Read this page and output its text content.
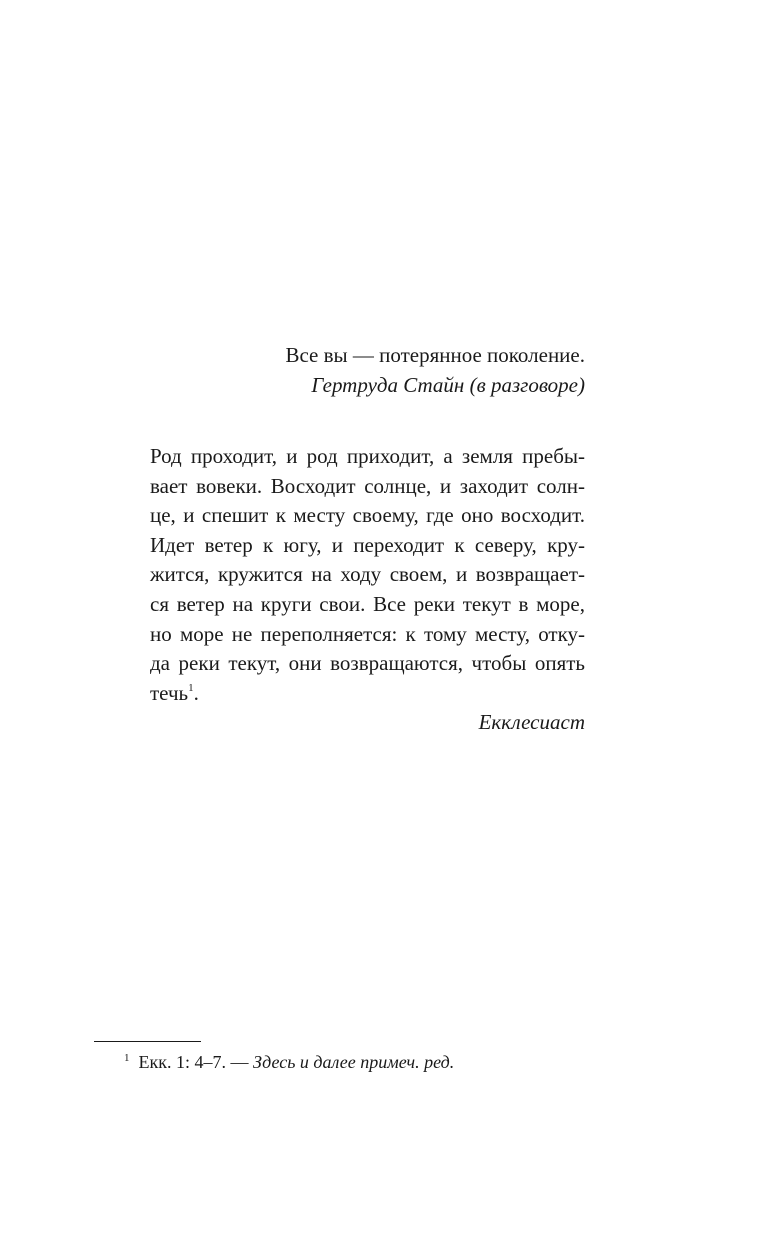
Все вы — потерянное поколение.
Гертруда Стайн (в разговоре)
Род проходит, и род приходит, а земля пребы-
вает вовеки. Восходит солнце, и заходит солн-
це, и спешит к месту своему, где оно восходит.
Идет ветер к югу, и переходит к северу, кру-
жится, кружится на ходу своем, и возвращает-
ся ветер на круги свои. Все реки текут в море,
но море не переполняется: к тому месту, отку-
да реки текут, они возвращаются, чтобы опять
течь$^1$.
Екклесиаст
$^1$ Екк. 1: 4–7. — Здесь и далее примеч. ред.
